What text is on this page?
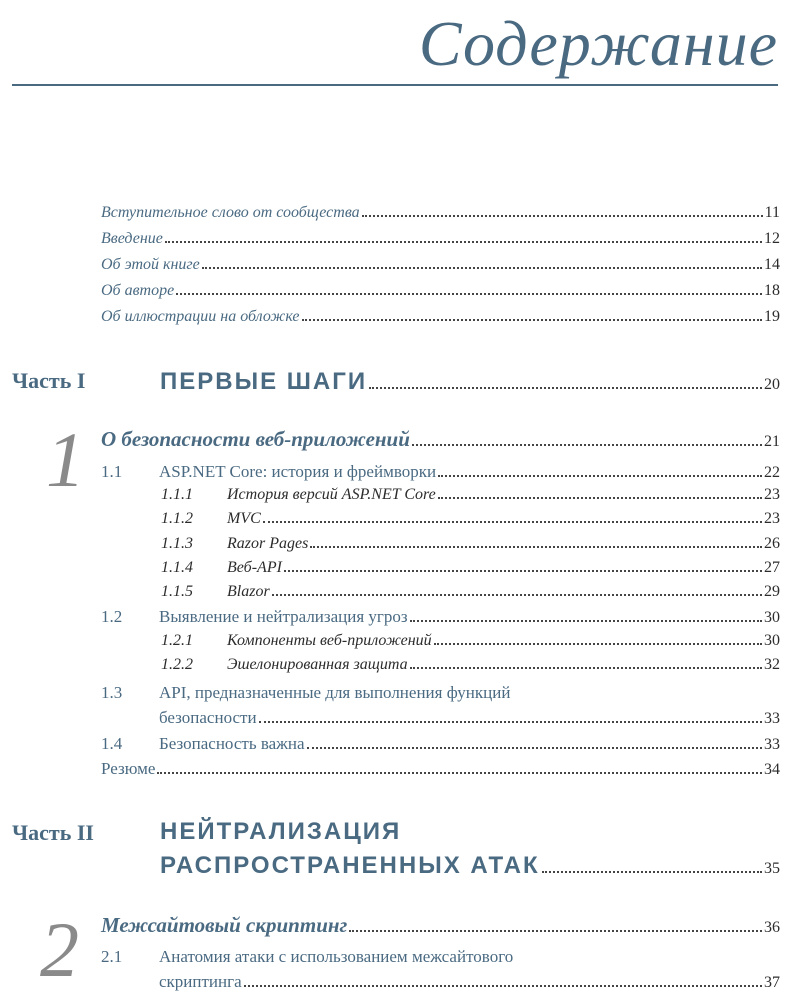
Содержание
Вступительное слово от сообщества	11
Введение	12
Об этой книге	14
Об авторе	18
Об иллюстрации на обложке	19
Часть I	ПЕРВЫЕ ШАГИ	20
1 О безопасности веб-приложений	21
1.1 ASP.NET Core: история и фреймворки	22
1.1.1 История версий ASP.NET Core	23
1.1.2 MVC	23
1.1.3 Razor Pages	26
1.1.4 Веб-API	27
1.1.5 Blazor	29
1.2 Выявление и нейтрализация угроз	30
1.2.1 Компоненты веб-приложений	30
1.2.2 Эшелонированная защита	32
1.3 API, предназначенные для выполнения функций
безопасности	33
1.4 Безопасность важна	33
Резюме	34
Часть II	НЕЙТРАЛИЗАЦИЯ
РАСПРОСТРАНЕННЫХ АТАК	35
2 Межсайтовый скриптинг	36
2.1 Анатомия атаки с использованием межсайтового
скриптинга	37
